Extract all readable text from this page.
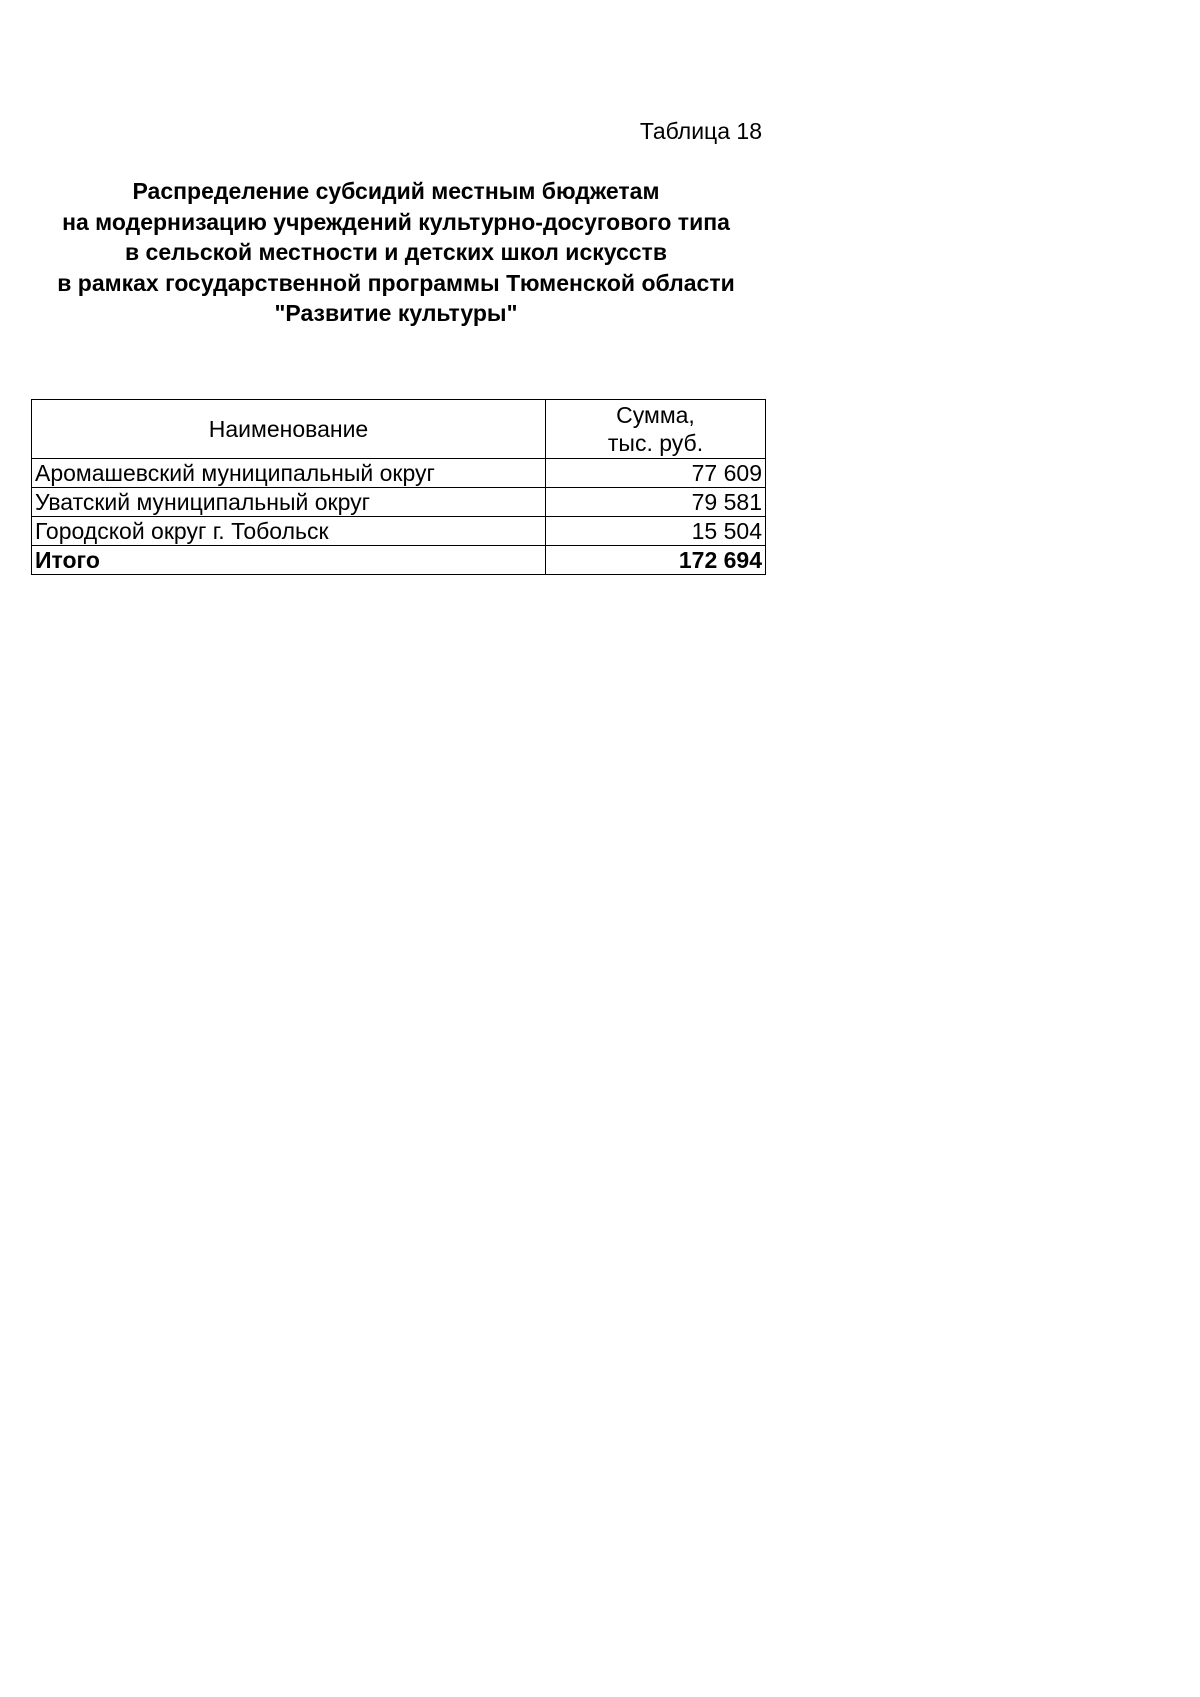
Таблица 18
Распределение субсидий местным бюджетам
на модернизацию учреждений культурно-досугового типа
в сельской местности и детских школ искусств
в рамках государственной программы Тюменской области
"Развитие культуры"
Наименование	Сумма,
тыс. руб.

Аромашевский муниципальный округ	77 609
Уватский муниципальный округ	79 581
Городской округ г. Тобольск	15 504
Итого	172 694
